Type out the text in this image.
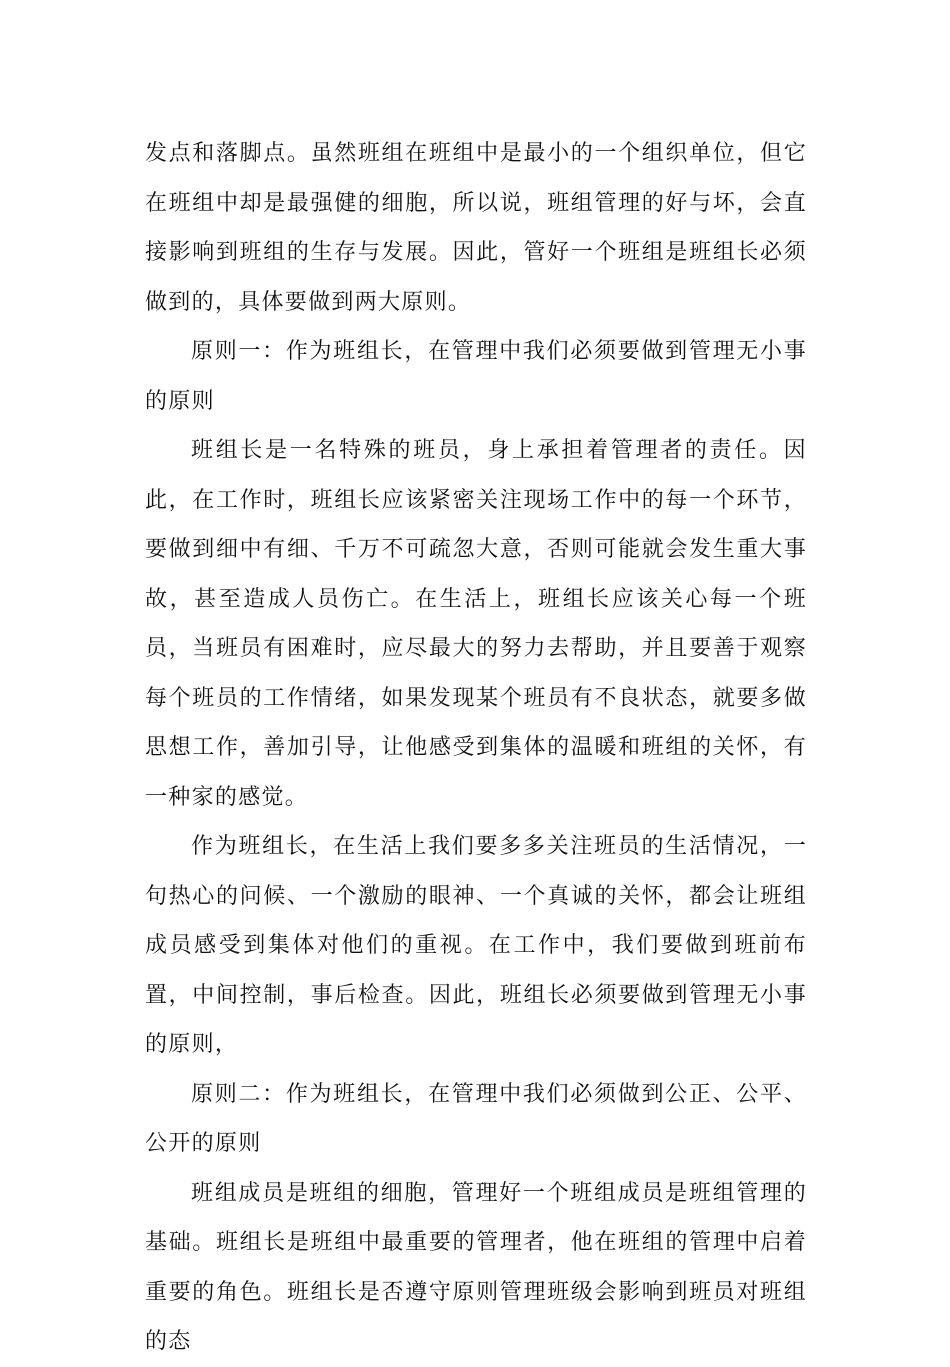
发点和落脚点。虽然班组在班组中是最小的一个组织单位，但它在班组中却是最强健的细胞，所以说，班组管理的好与坏，会直接影响到班组的生存与发展。因此，管好一个班组是班组长必须做到的，具体要做到两大原则。

原则一：作为班组长，在管理中我们必须要做到管理无小事的原则

班组长是一名特殊的班员，身上承担着管理者的责任。因此，在工作时，班组长应该紧密关注现场工作中的每一个环节，要做到细中有细、千万不可疏忽大意，否则可能就会发生重大事故，甚至造成人员伤亡。在生活上，班组长应该关心每一个班员，当班员有困难时，应尽最大的努力去帮助，并且要善于观察每个班员的工作情绪，如果发现某个班员有不良状态，就要多做思想工作，善加引导，让他感受到集体的温暖和班组的关怀，有一种家的感觉。

作为班组长，在生活上我们要多多关注班员的生活情况，一句热心的问候、一个激励的眼神、一个真诚的关怀，都会让班组成员感受到集体对他们的重视。在工作中，我们要做到班前布置，中间控制，事后检查。因此，班组长必须要做到管理无小事的原则，

原则二：作为班组长，在管理中我们必须做到公正、公平、公开的原则

班组成员是班组的细胞，管理好一个班组成员是班组管理的基础。班组长是班组中最重要的管理者，他在班组的管理中启着重要的角色。班组长是否遵守原则管理班级会影响到班员对班组的态
